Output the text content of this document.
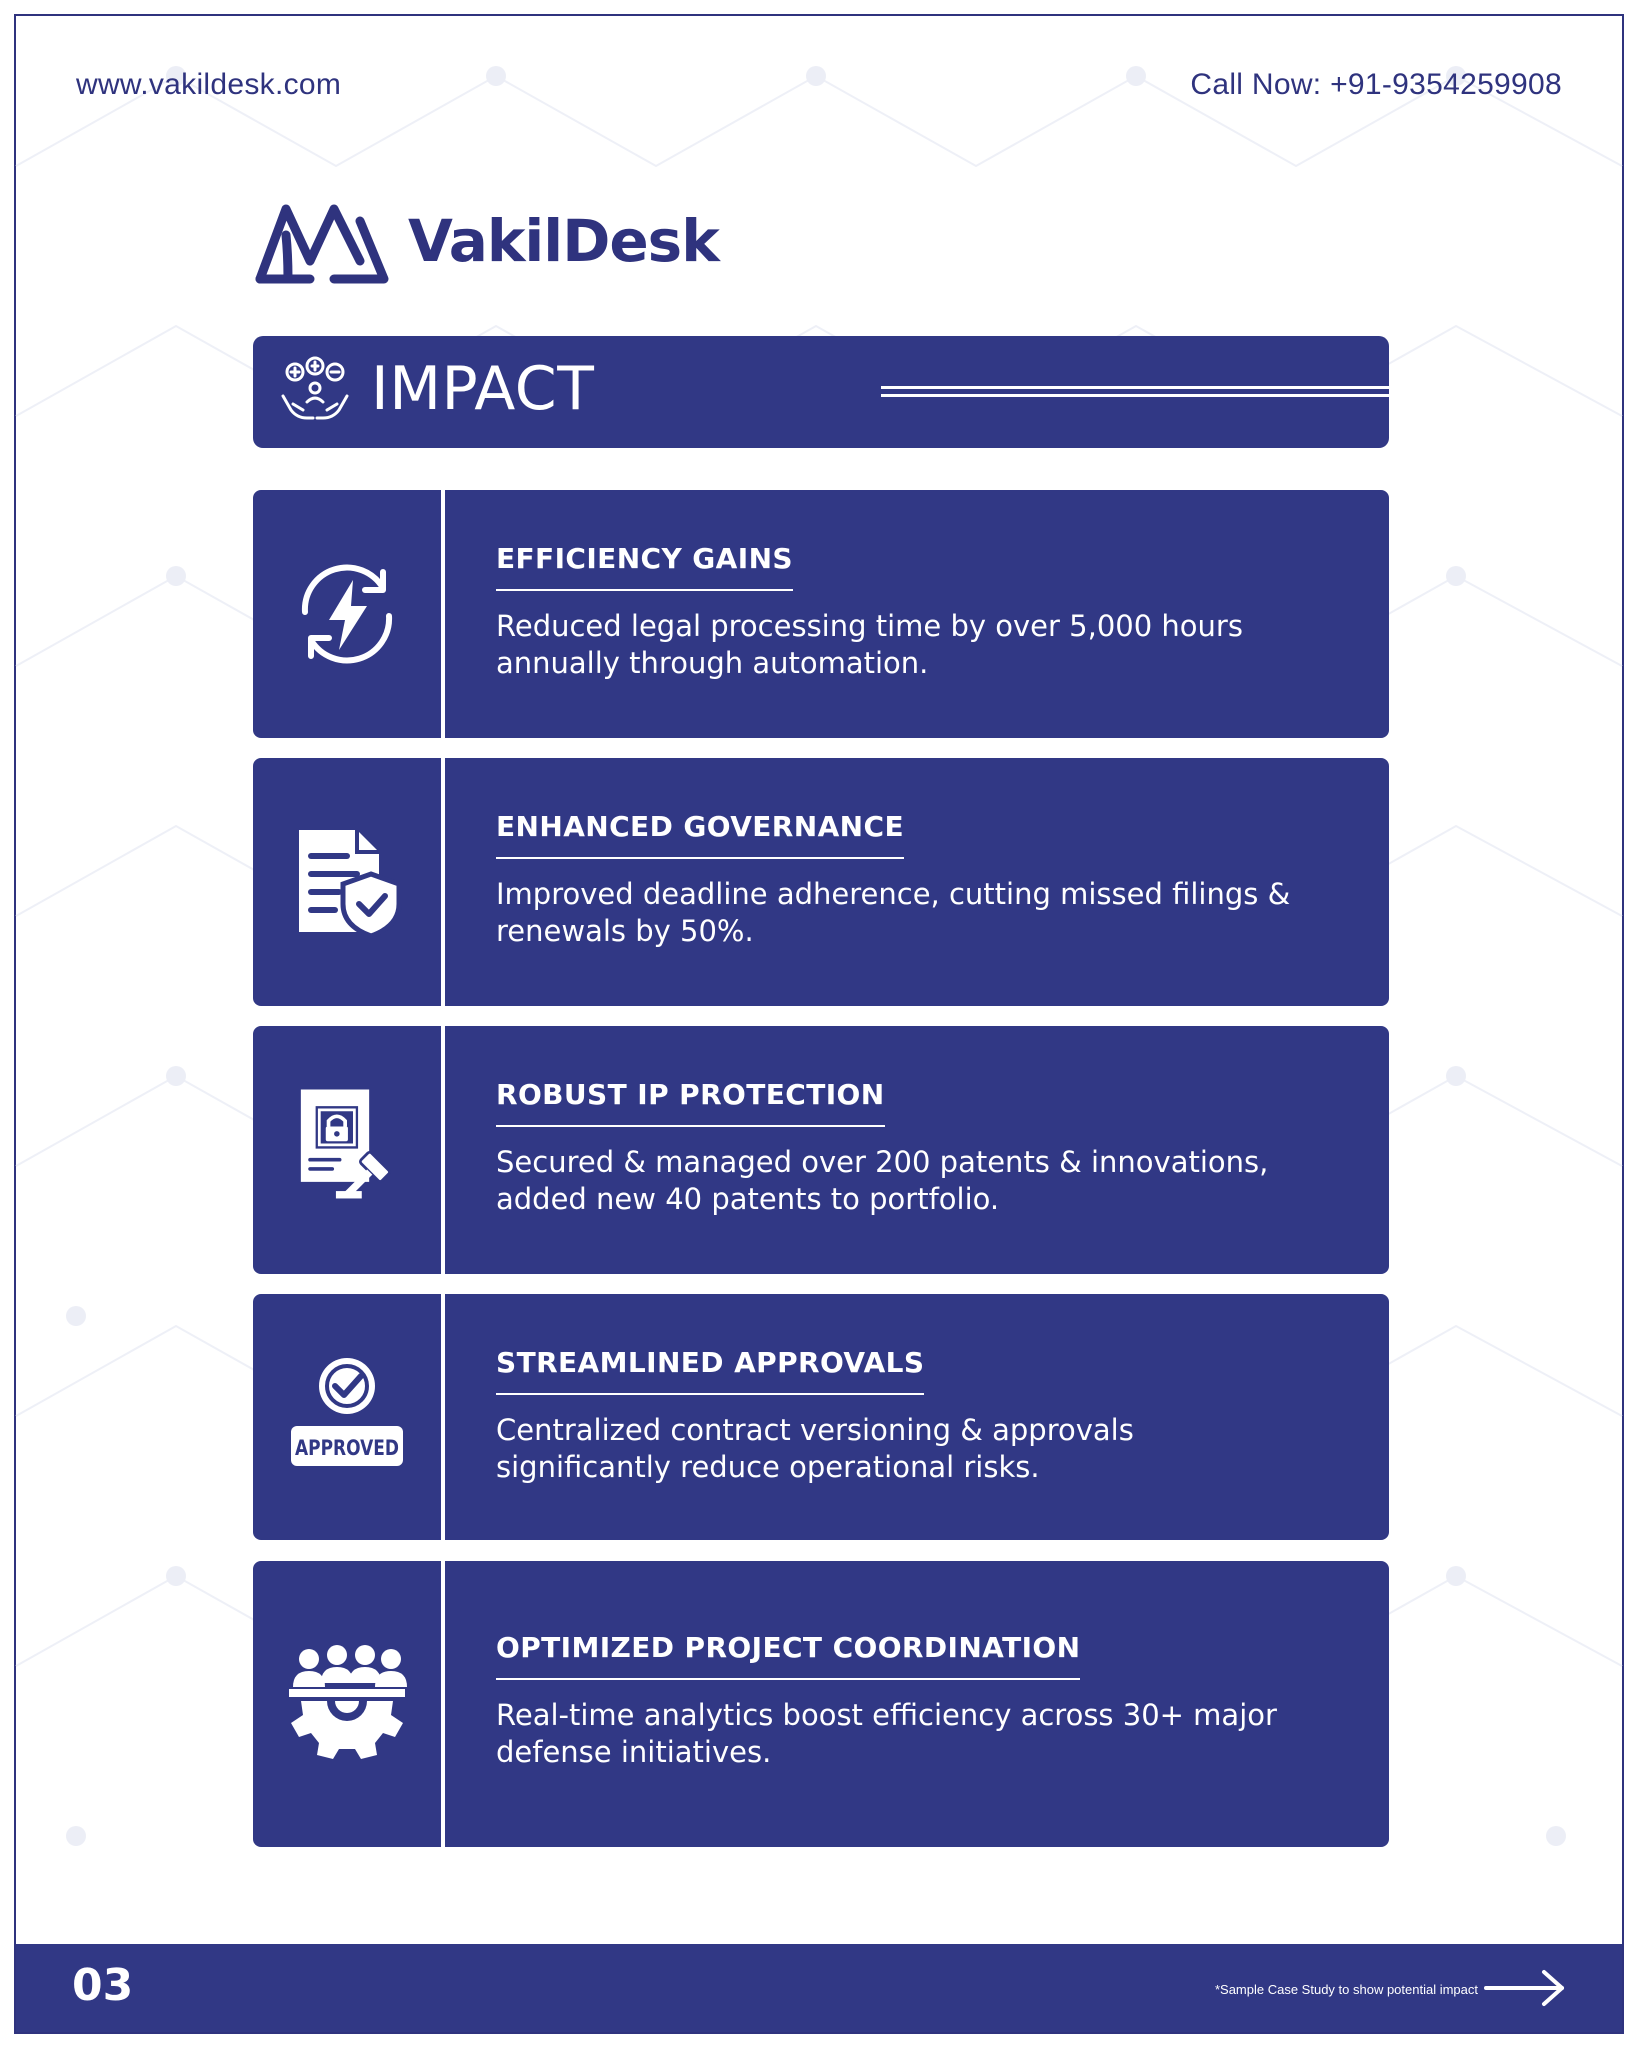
www.vakildesk.com	Call Now: +91-9354259908
VakilDesk
IMPACT
EFFICIENCY GAINS
Reduced legal processing time by over 5,000 hours annually through automation.
ENHANCED GOVERNANCE
Improved deadline adherence, cutting missed filings & renewals by 50%.
ROBUST IP PROTECTION
Secured & managed over 200 patents & innovations, added new 40 patents to portfolio.
APPROVED
STREAMLINED APPROVALS
Centralized contract versioning & approvals significantly reduce operational risks.
OPTIMIZED PROJECT COORDINATION
Real-time analytics boost efficiency across 30+ major defense initiatives.
03	*Sample Case Study to show potential impact
